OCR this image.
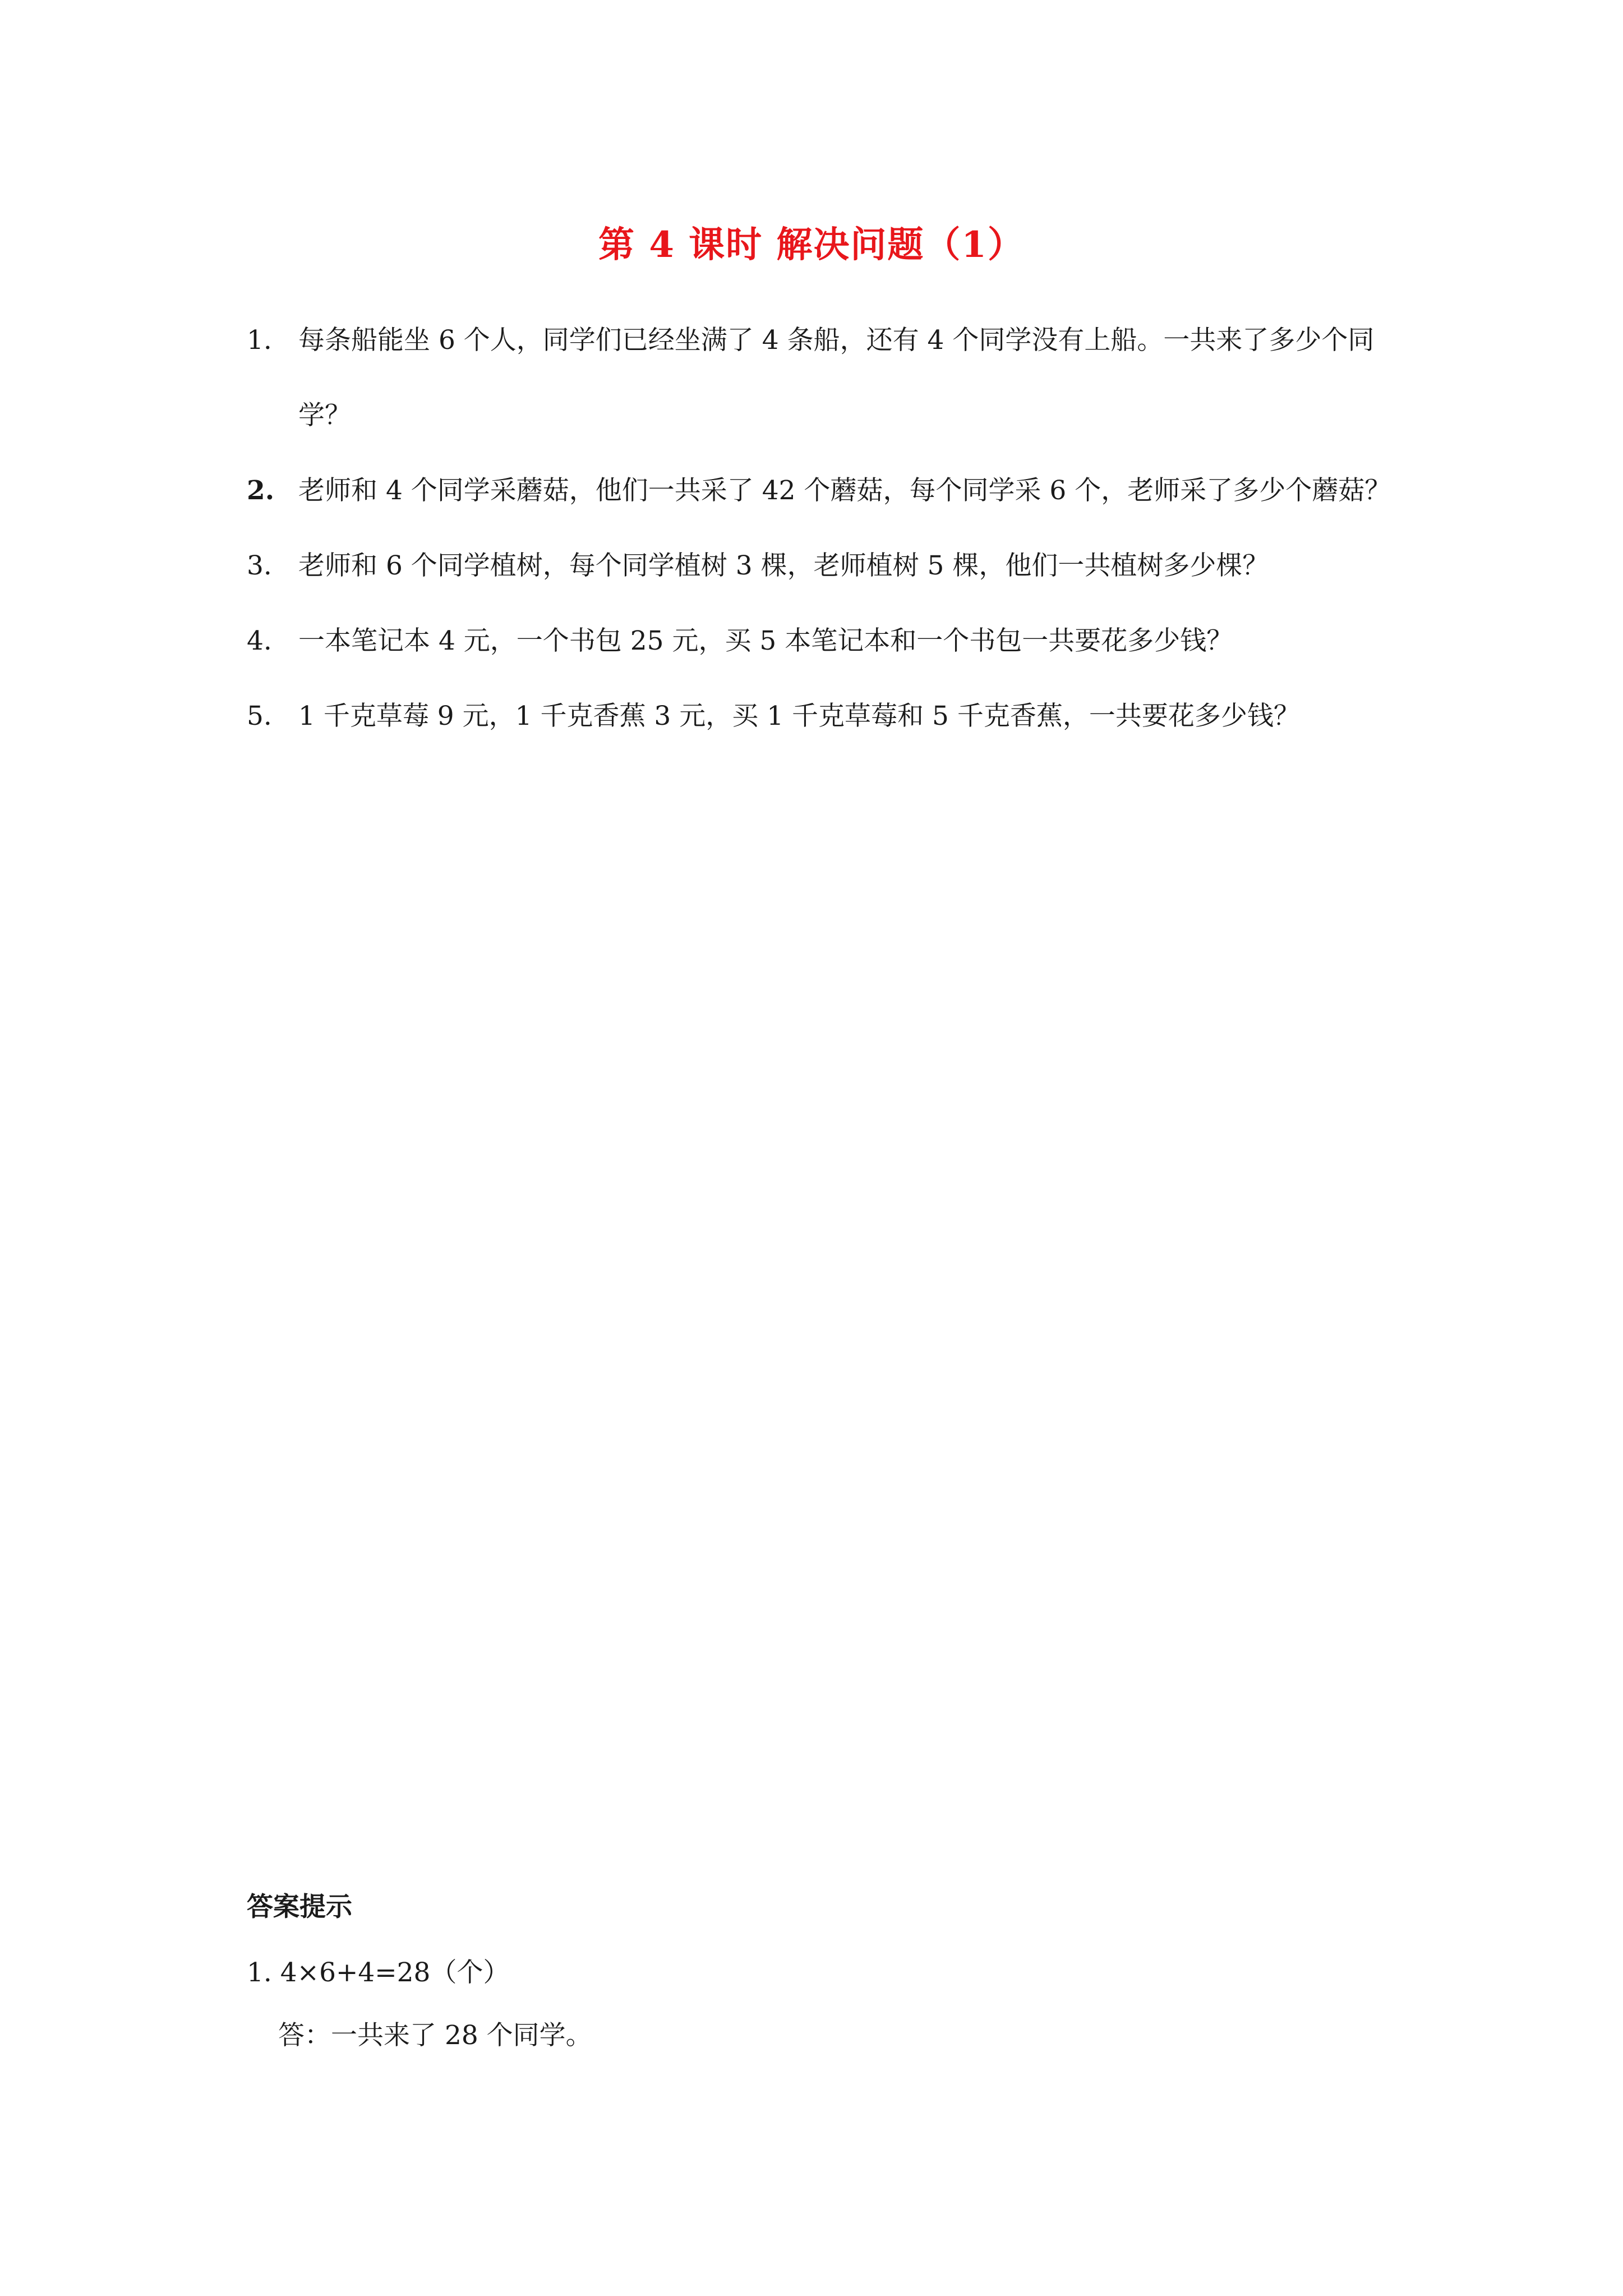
第 4 课时 解决问题（1）
1.	每条船能坐 6 个人，同学们已经坐满了 4 条船，还有 4 个同学没有上船。一共来了多少个同学？
2. 老师和 4 个同学采蘑菇，他们一共采了 42 个蘑菇，每个同学采 6 个，老师采了多少个蘑菇？
3.	老师和 6 个同学植树，每个同学植树 3 棵，老师植树 5 棵，他们一共植树多少棵？
4.	一本笔记本 4 元，一个书包 25 元，买 5 本笔记本和一个书包一共要花多少钱？
5.	1 千克草莓 9 元，1 千克香蕉 3 元，买 1 千克草莓和 5 千克香蕉，一共要花多少钱？
答案提示
1. 4×6+4=28（个）
答：一共来了 28 个同学。
